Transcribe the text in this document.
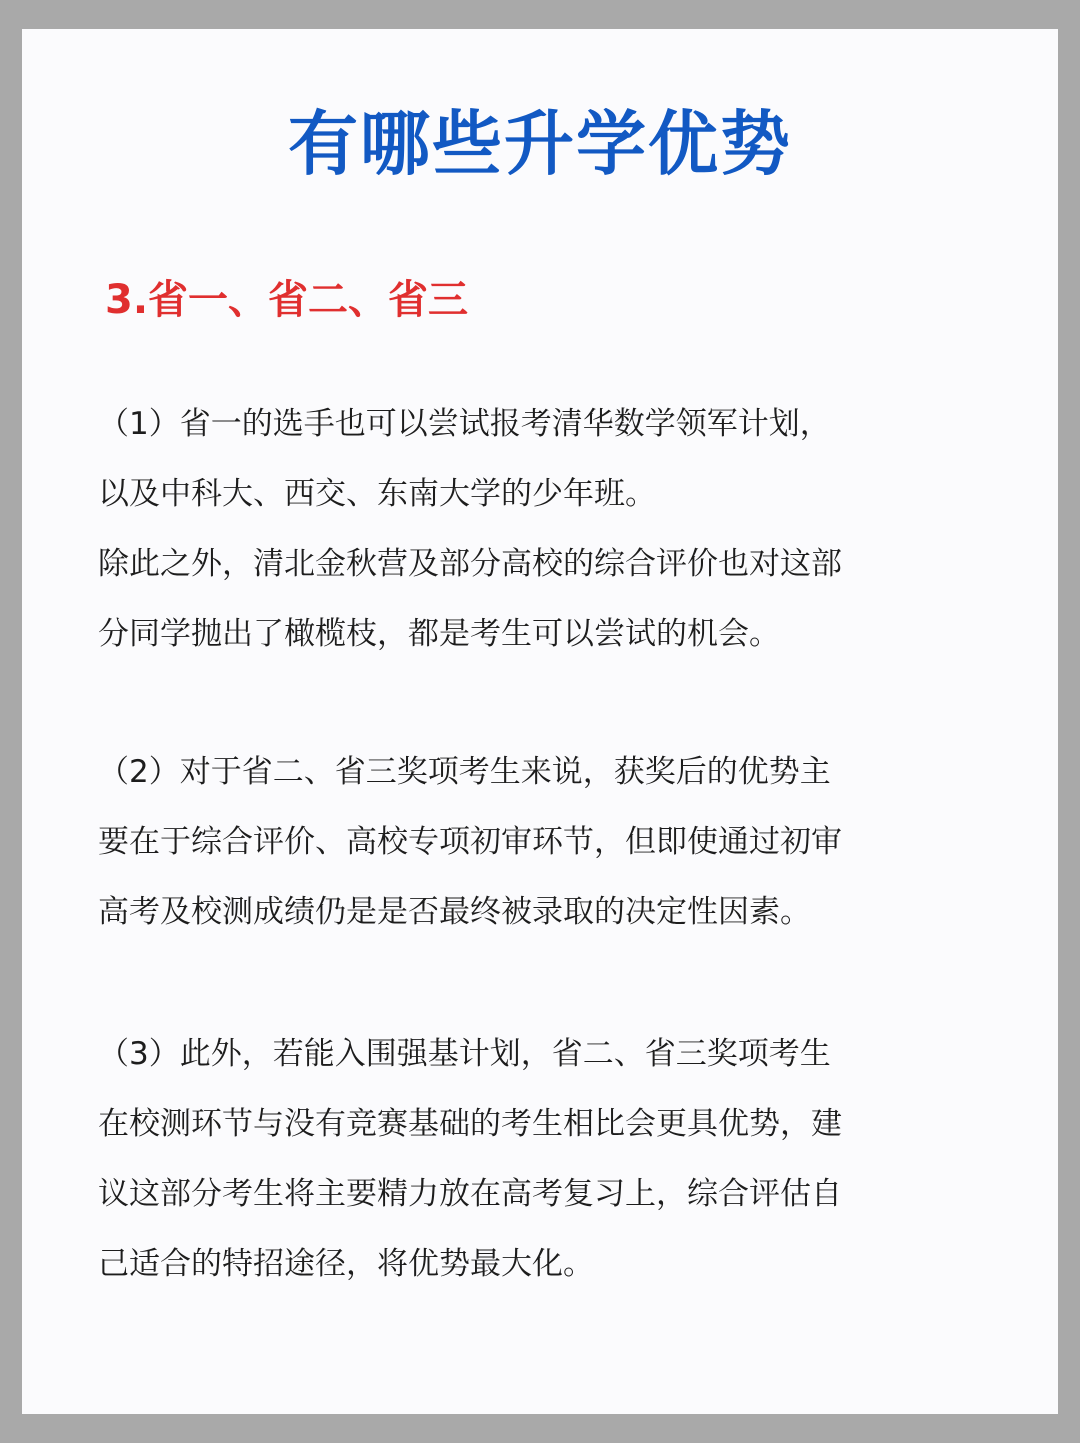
有哪些升学优势
3.省一、省二、省三

（1）省一的选手也可以尝试报考清华数学领军计划，
以及中科大、西交、东南大学的少年班。
除此之外，清北金秋营及部分高校的综合评价也对这部
分同学抛出了橄榄枝，都是考生可以尝试的机会。

（2）对于省二、省三奖项考生来说，获奖后的优势主
要在于综合评价、高校专项初审环节，但即使通过初审
高考及校测成绩仍是是否最终被录取的决定性因素。

（3）此外，若能入围强基计划，省二、省三奖项考生
在校测环节与没有竞赛基础的考生相比会更具优势，建
议这部分考生将主要精力放在高考复习上，综合评估自
己适合的特招途径，将优势最大化。
